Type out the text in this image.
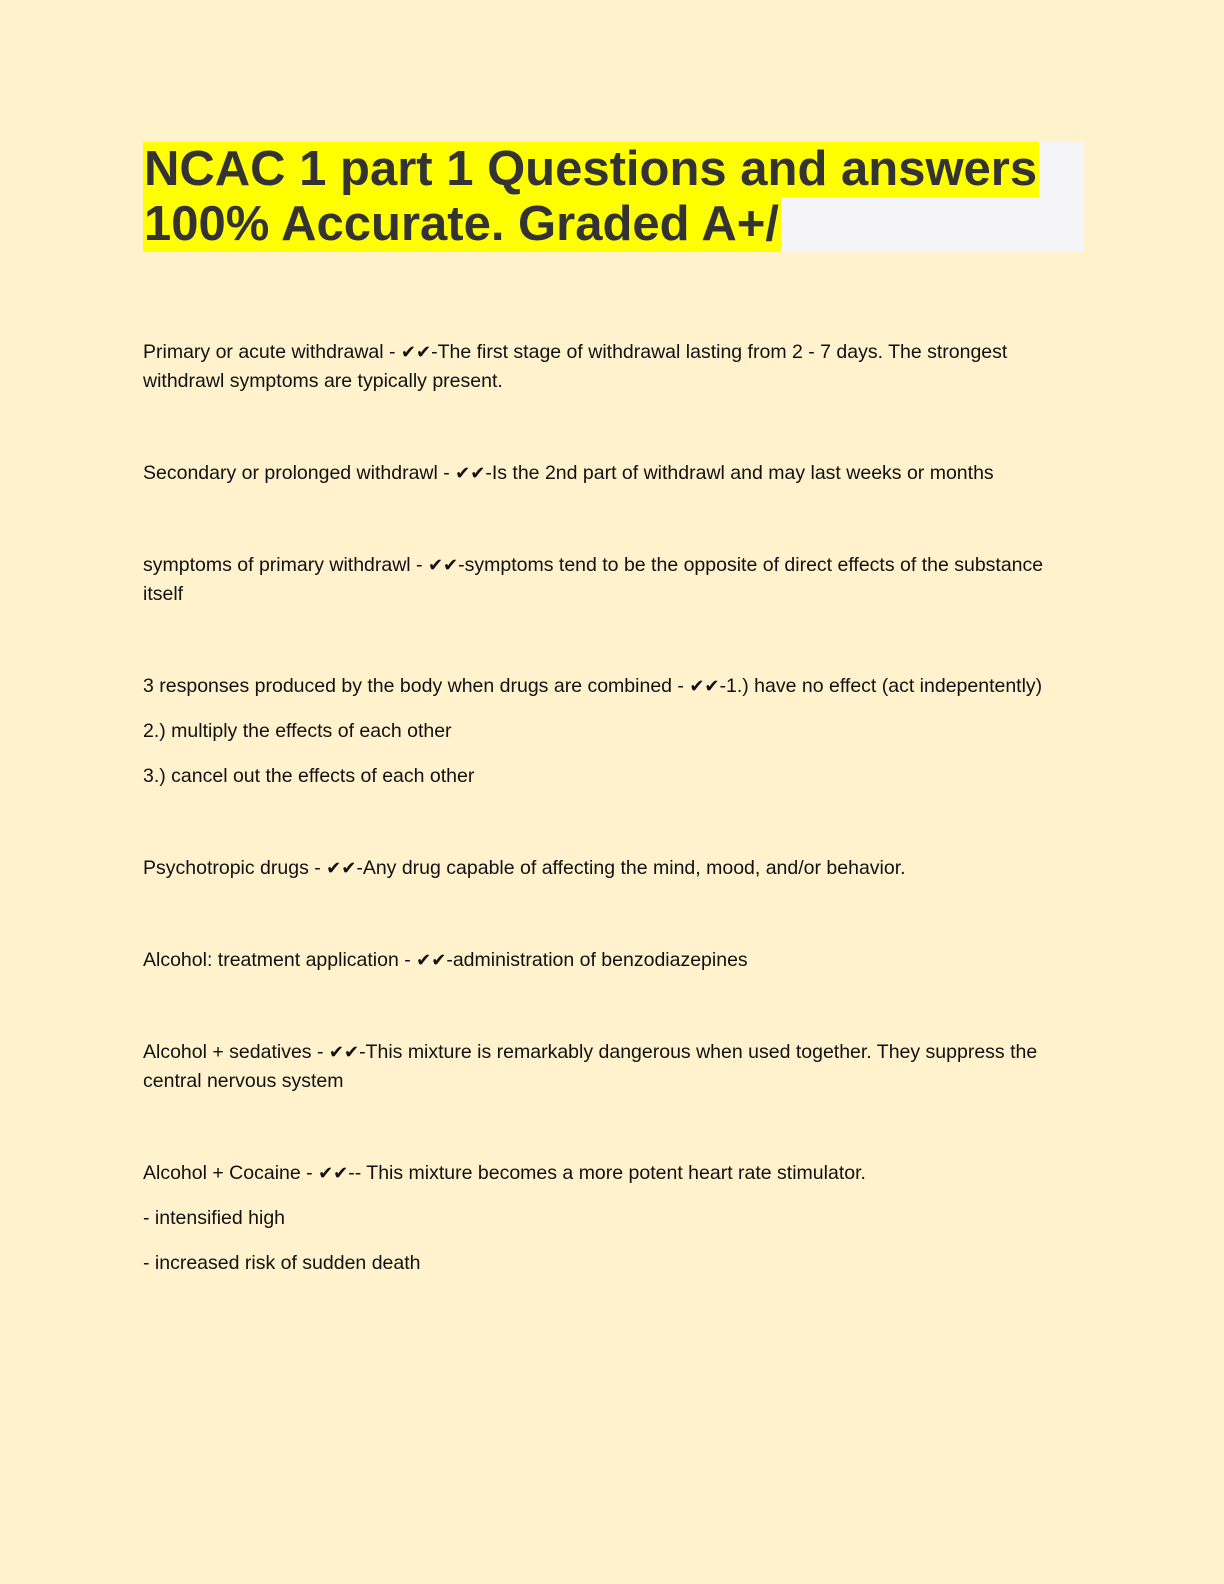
NCAC 1 part 1 Questions and answers
100% Accurate. Graded A+/
Primary or acute withdrawal - ✔✔-The first stage of withdrawal lasting from 2 - 7 days. The strongest withdrawl symptoms are typically present.
Secondary or prolonged withdrawl - ✔✔-Is the 2nd part of withdrawl and may last weeks or months
symptoms of primary withdrawl - ✔✔-symptoms tend to be the opposite of direct effects of the substance itself
3 responses produced by the body when drugs are combined - ✔✔-1.) have no effect (act indepentently)
2.) multiply the effects of each other
3.) cancel out the effects of each other
Psychotropic drugs - ✔✔-Any drug capable of affecting the mind, mood, and/or behavior.
Alcohol: treatment application - ✔✔-administration of benzodiazepines
Alcohol + sedatives - ✔✔-This mixture is remarkably dangerous when used together. They suppress the central nervous system
Alcohol + Cocaine - ✔✔-- This mixture becomes a more potent heart rate stimulator.
- intensified high
- increased risk of sudden death
